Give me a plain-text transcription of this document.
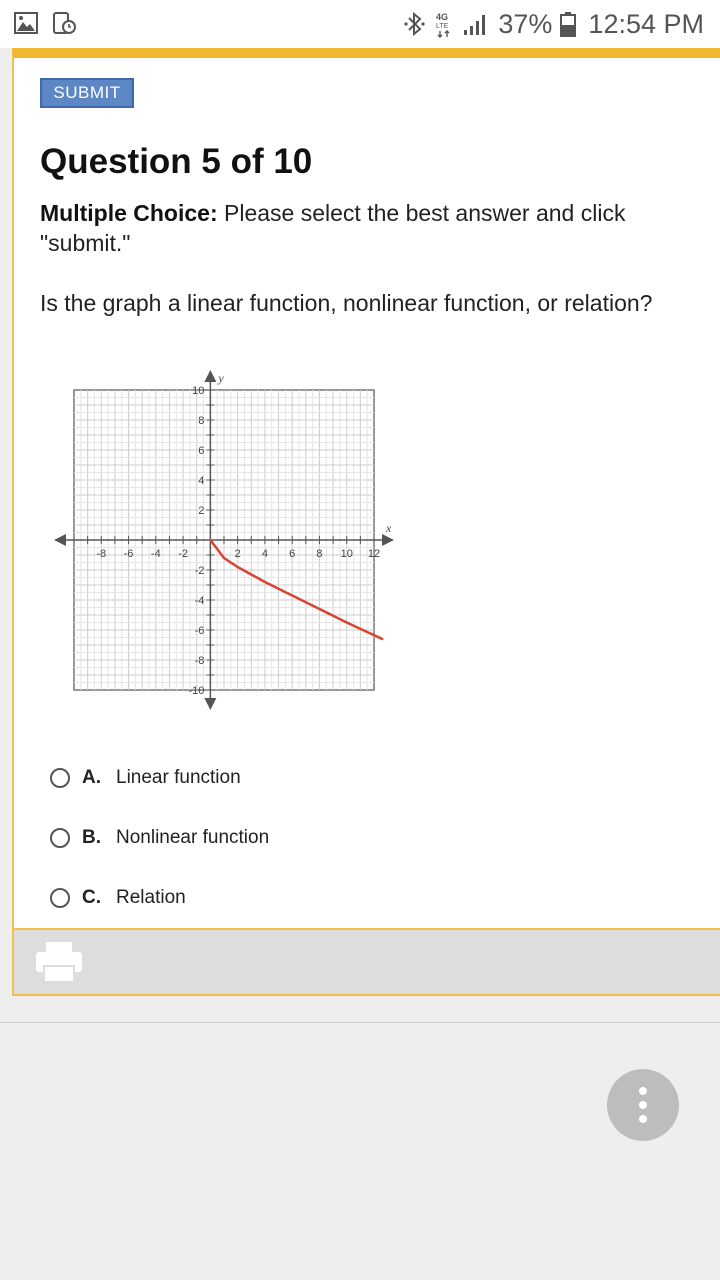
4G
LTE 37% 12:54 PM
SUBMIT
Question 5 of 10
Multiple Choice: Please select the best answer and click "submit."
Is the graph a linear function, nonlinear function, or relation?
-8 -6 -4 -2	2 4 6 8 10 12
10
8
6
4
2
-2
-4
-6
-8
-10
x
y
A. Linear function
B. Nonlinear function
C. Relation
